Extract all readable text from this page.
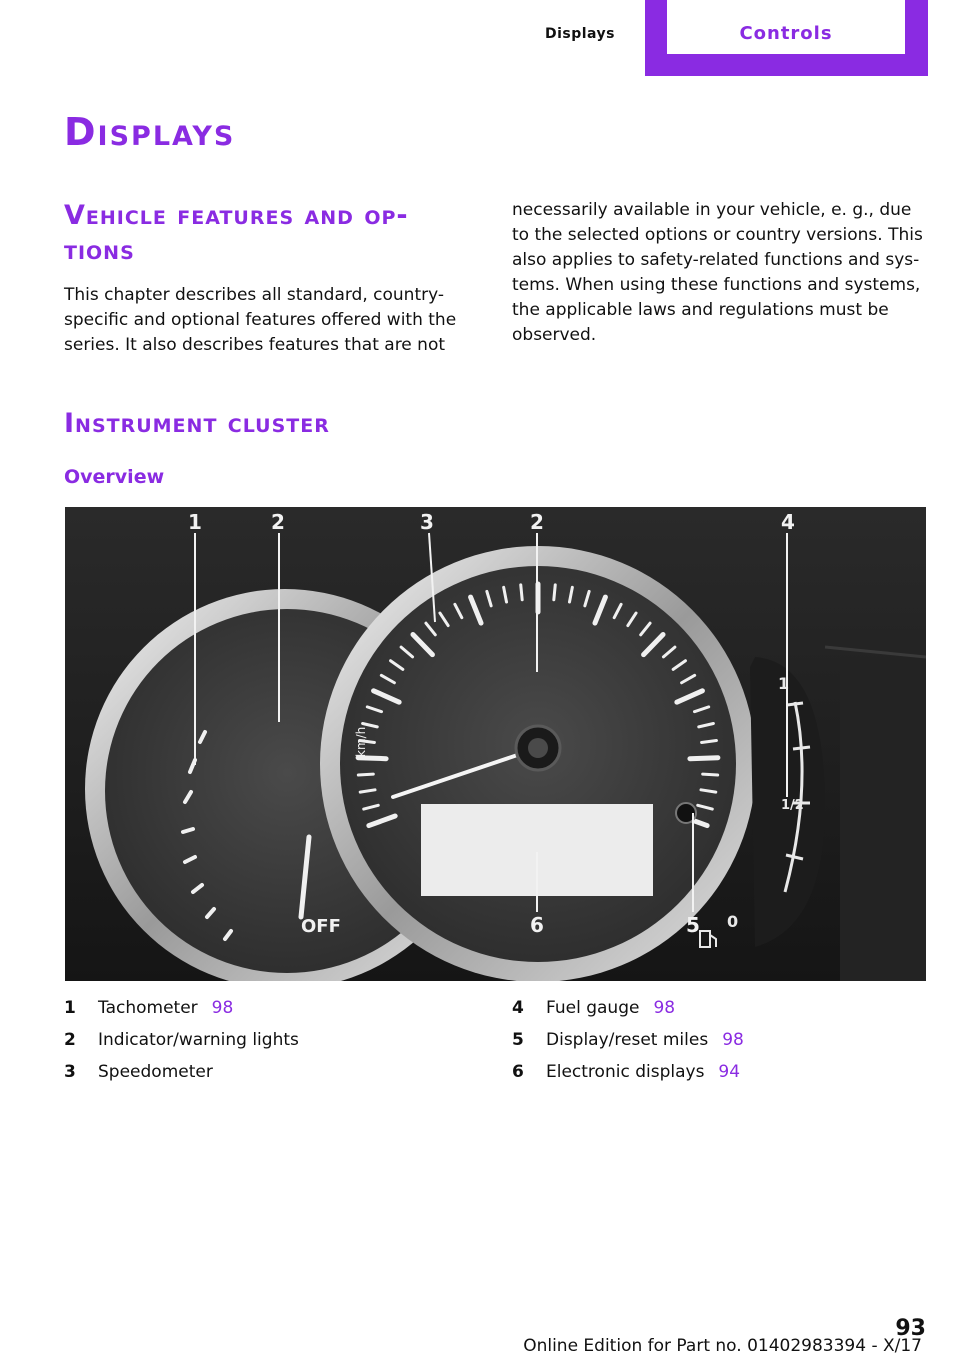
Displays	Controls
Displays
Vehicle features and op‐
tions

This chapter describes all standard, country-
specific and optional features offered with the
series. It also describes features that are not

necessarily available in your vehicle, e. g., due
to the selected options or country versions. This
also applies to safety-related functions and sys‐
tems. When using these functions and systems,
the applicable laws and regulations must be
observed.

Instrument cluster
Overview
OFF
km/h
1
1/2
0
1	2	3	2	4
5
6
1 Tachometer 98
2 Indicator/warning lights
3 Speedometer
4 Fuel gauge 98
5 Display/reset miles 98
6 Electronic displays 94
93
Online Edition for Part no. 01402983394 - X/17
